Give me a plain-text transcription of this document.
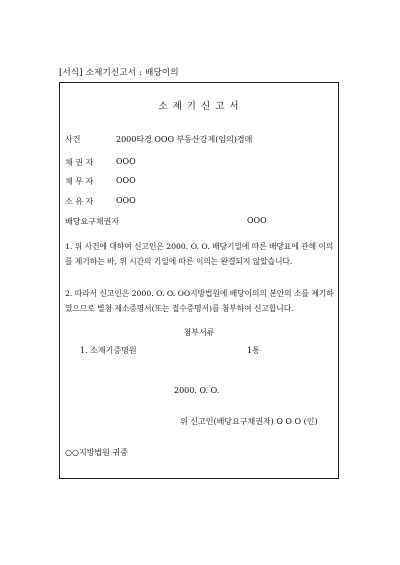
[서식] 소제기신고서 : 배당이의
소 제 기 신 고 서
사건	2000타경 OOO 부동산강제(임의)경매
채 권 자	OOO
채 무 자	OOO
소 유 자	OOO
배당요구채권자	OOO
1. 위 사건에 대하여 신고인은 2000. O. O. 배당기일에 따른 배당표에 관해 이의를 제기하는 바, 위 시간의 기일에 따른 이의는 완결되지 않았습니다.
2. 따라서 신고인은 2000. O. O. OO지방법원에 배당이의의 본안의 소를 제기하였으므로 별첨 제소증명서(또는 접수증명서)를 첨부하여 신고합니다.
첨부서류
1. 소제기증명원	1통
2000. O. O.
위 신고인(배당요구채권자) O O O (인)
○○지방법원 귀중
